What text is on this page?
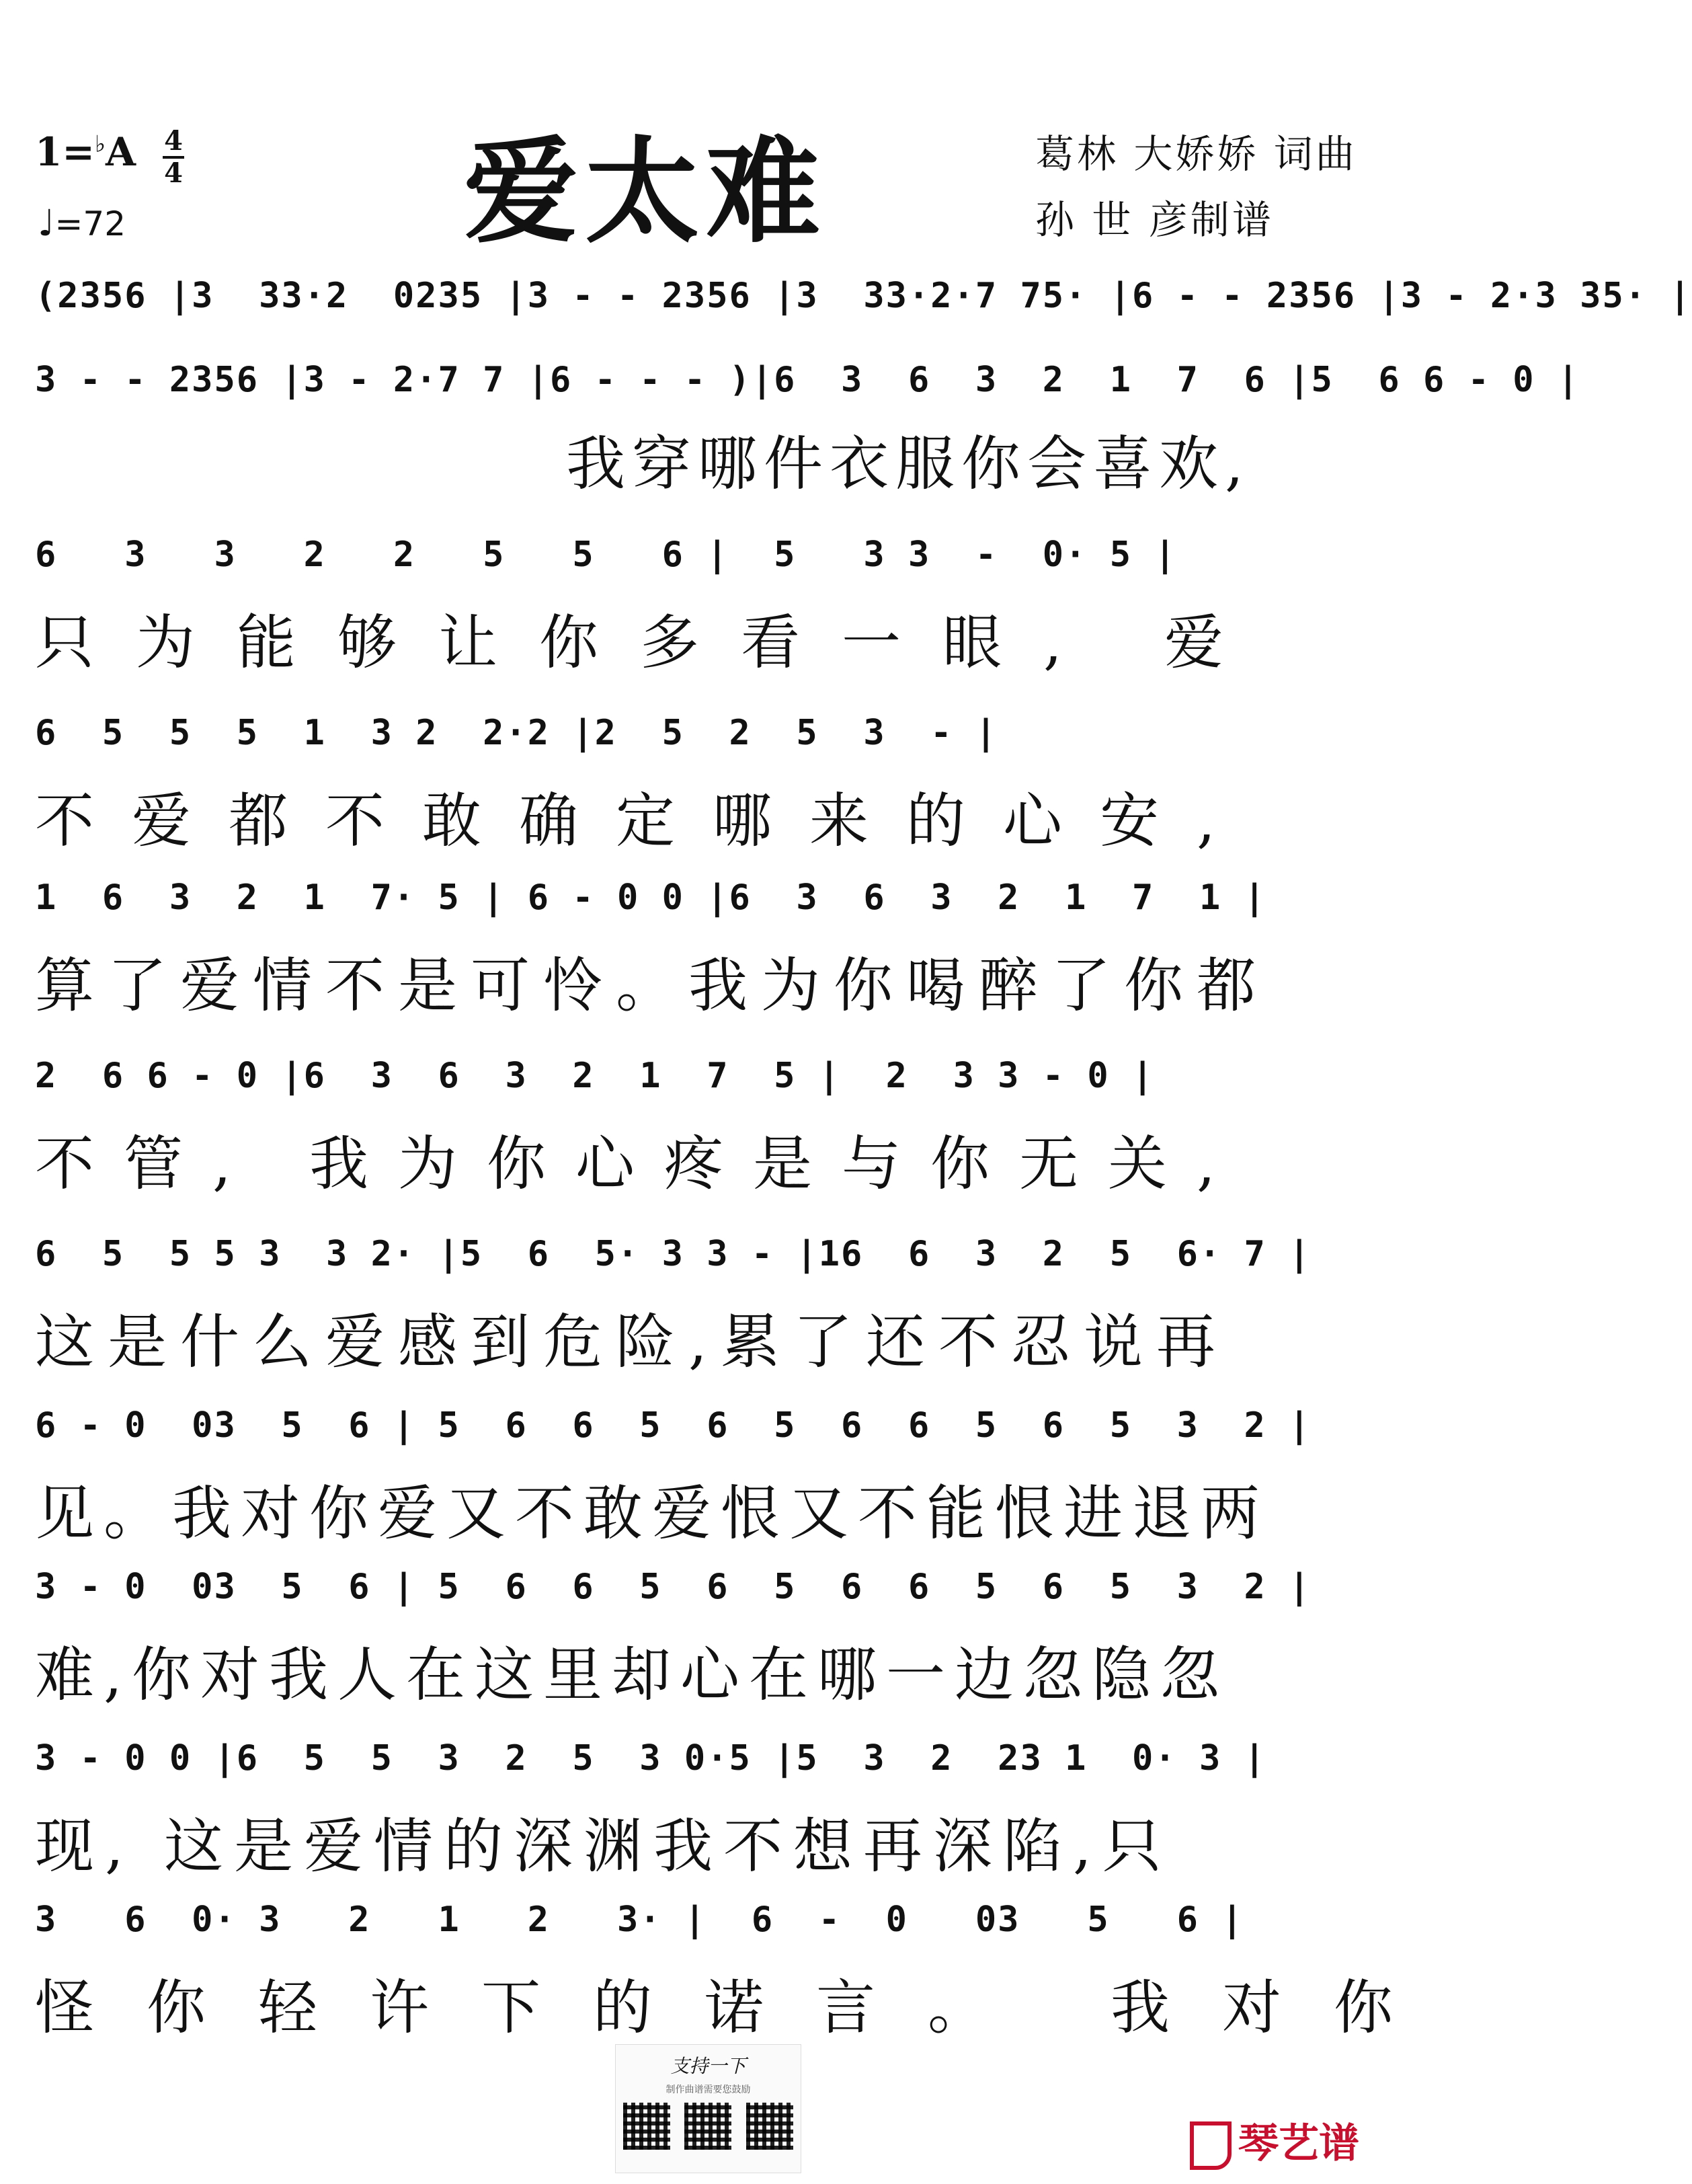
1=♭A 4
4
♩=72	爱太难	葛林 大娇娇 词曲
孙 世 彦制谱
(2356 |3  33·2  0235 |3 - - 2356 |3  33·2·7 75· |6 - - 2356 |3 - 2·3 35· |
3 - - 2356 |3 - 2·7 7 |6 - - - )|6  3  6  3  2  1  7  6 |5  6 6 - 0 |
我穿哪件衣服你会喜欢,
6   3   3   2   2   5   5   6 |  5   3 3  -  0· 5 |
只为能够让你多看一眼, 爱
6  5  5  5  1  3 2  2·2 |2  5  2  5  3  - |
不爱都不敢确定哪来的心安,
1  6  3  2  1  7· 5 | 6 - 0 0 |6  3  6  3  2  1  7  1 |
算了爱情不是可怜。我为你喝醉了你都
2  6 6 - 0 |6  3  6  3  2  1  7  5 |  2  3 3 - 0 |
不管, 我为你心疼是与你无关,
6  5  5 5 3  3 2· |5  6  5· 3 3 - |16  6  3  2  5  6· 7 |
这是什么爱感到危险,累了还不忍说再
6 - 0  03  5  6 | 5  6  6  5  6  5  6  6  5  6  5  3  2 |
见。我对你爱又不敢爱恨又不能恨进退两
3 - 0  03  5  6 | 5  6  6  5  6  5  6  6  5  6  5  3  2 |
难,你对我人在这里却心在哪一边忽隐忽
3 - 0 0 |6  5  5  3  2  5  3 0·5 |5  3  2  23 1  0· 3 |
现, 这是爱情的深渊我不想再深陷,只
3   6  0· 3   2   1   2   3· |  6  -  0   03   5   6 |
怪你轻许下的诺言。 我对你
支持一下
制作曲谱需要您鼓励
琴艺谱
